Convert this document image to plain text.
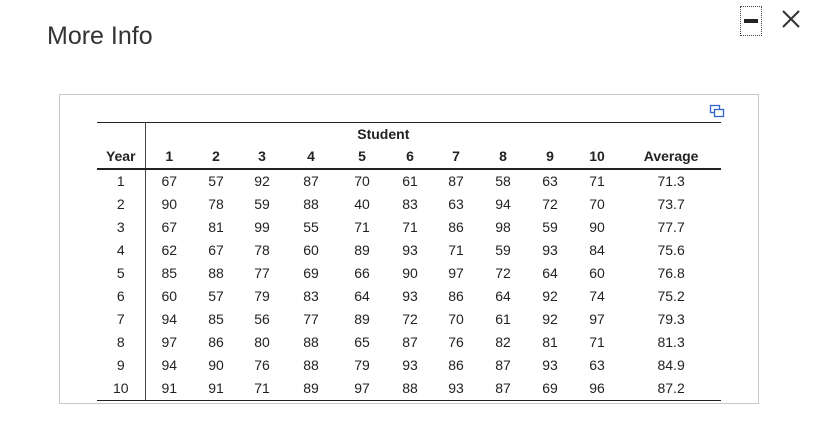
More Info
	Student										
Year	1	2	3	4	5	6	7	8	9	10	Average
1	67	57	92	87	70	61	87	58	63	71	71.3
2	90	78	59	88	40	83	63	94	72	70	73.7
3	67	81	99	55	71	71	86	98	59	90	77.7
4	62	67	78	60	89	93	71	59	93	84	75.6
5	85	88	77	69	66	90	97	72	64	60	76.8
6	60	57	79	83	64	93	86	64	92	74	75.2
7	94	85	56	77	89	72	70	61	92	97	79.3
8	97	86	80	88	65	87	76	82	81	71	81.3
9	94	90	76	88	79	93	86	87	93	63	84.9
10	91	91	71	89	97	88	93	87	69	96	87.2
